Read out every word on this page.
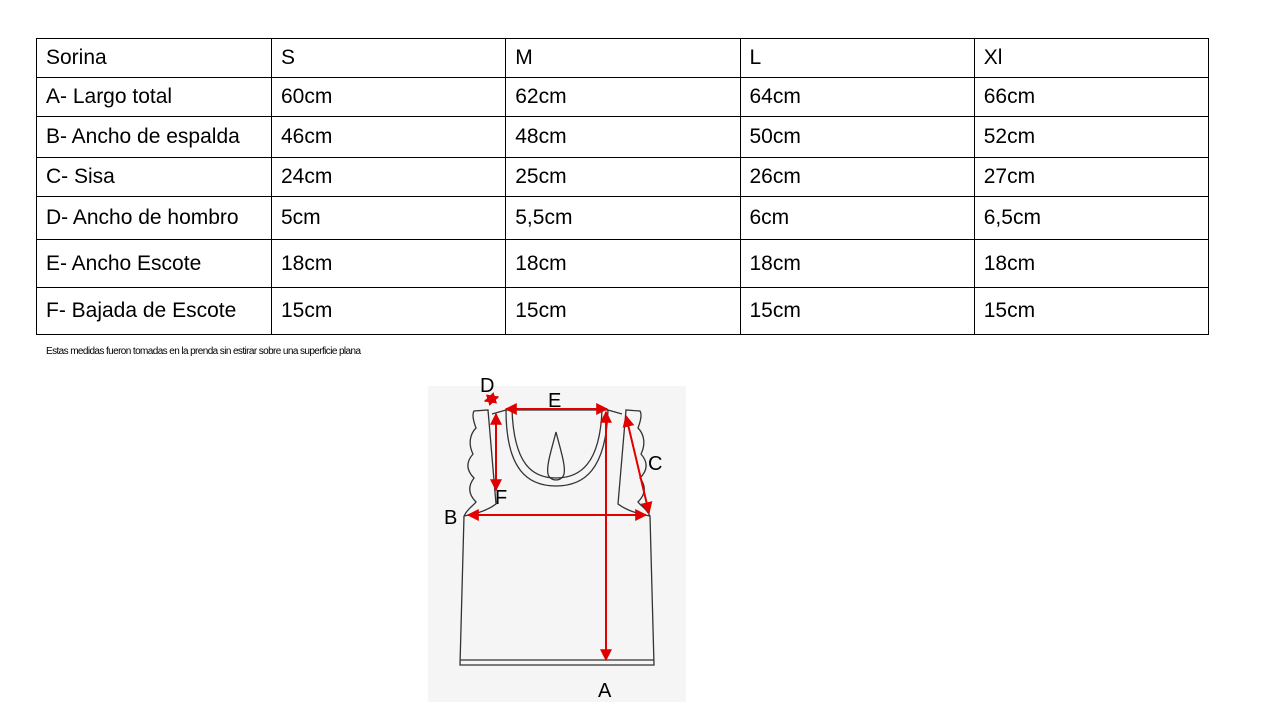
Sorina	S	M	L	Xl
A- Largo total	60cm	62cm	64cm	66cm
B- Ancho de espalda	46cm	48cm	50cm	52cm
C- Sisa	24cm	25cm	26cm	27cm
D- Ancho de hombro	5cm	5,5cm	6cm	6,5cm
E- Ancho Escote	18cm	18cm	18cm	18cm
F- Bajada de Escote	15cm	15cm	15cm	15cm
Estas medidas fueron tomadas en la prenda sin estirar sobre una superficie plana
D
E
F
C
B
A
